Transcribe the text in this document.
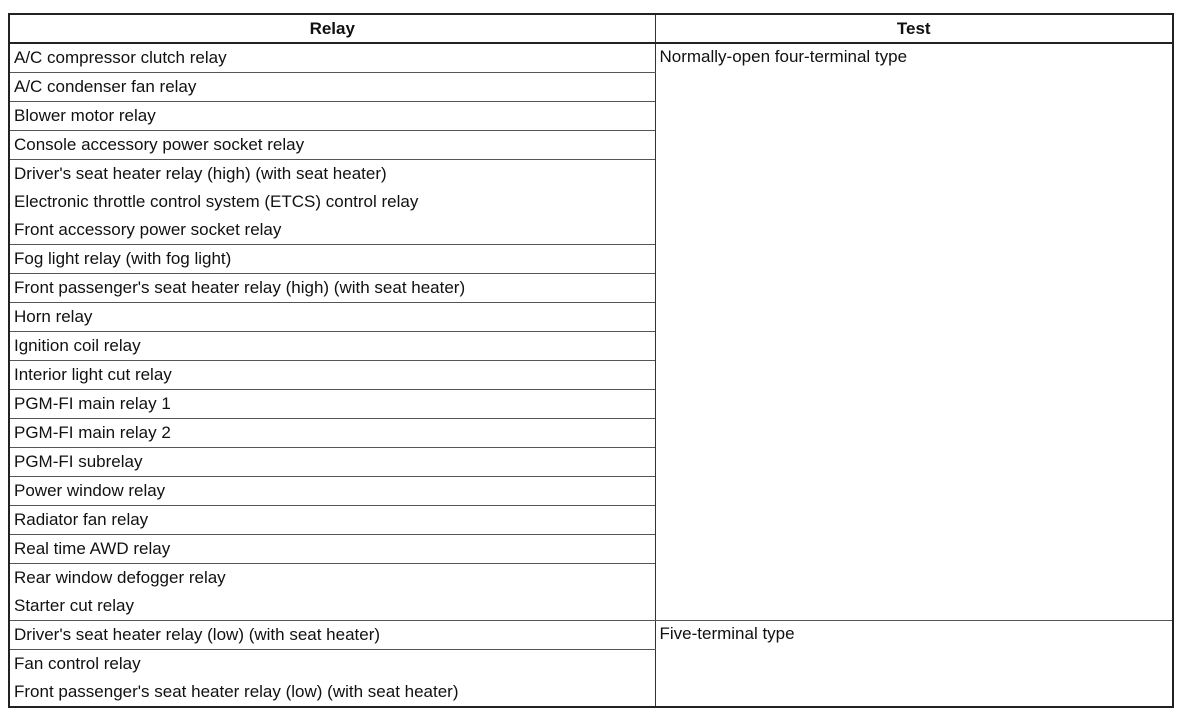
Relay	Test
A/C compressor clutch relay	Normally-open four-terminal type
A/C condenser fan relay	
Blower motor relay	
Console accessory power socket relay	
Driver's seat heater relay (high) (with seat heater)	
Electronic throttle control system (ETCS) control relay	
Front accessory power socket relay	
Fog light relay (with fog light)	
Front passenger's seat heater relay (high) (with seat heater)	
Horn relay	
Ignition coil relay	
Interior light cut relay	
PGM-FI main relay 1	
PGM-FI main relay 2	
PGM-FI subrelay	
Power window relay	
Radiator fan relay	
Real time AWD relay	
Rear window defogger relay	
Starter cut relay	
Driver's seat heater relay (low) (with seat heater)	Five-terminal type
Fan control relay	
Front passenger's seat heater relay (low) (with seat heater)	
